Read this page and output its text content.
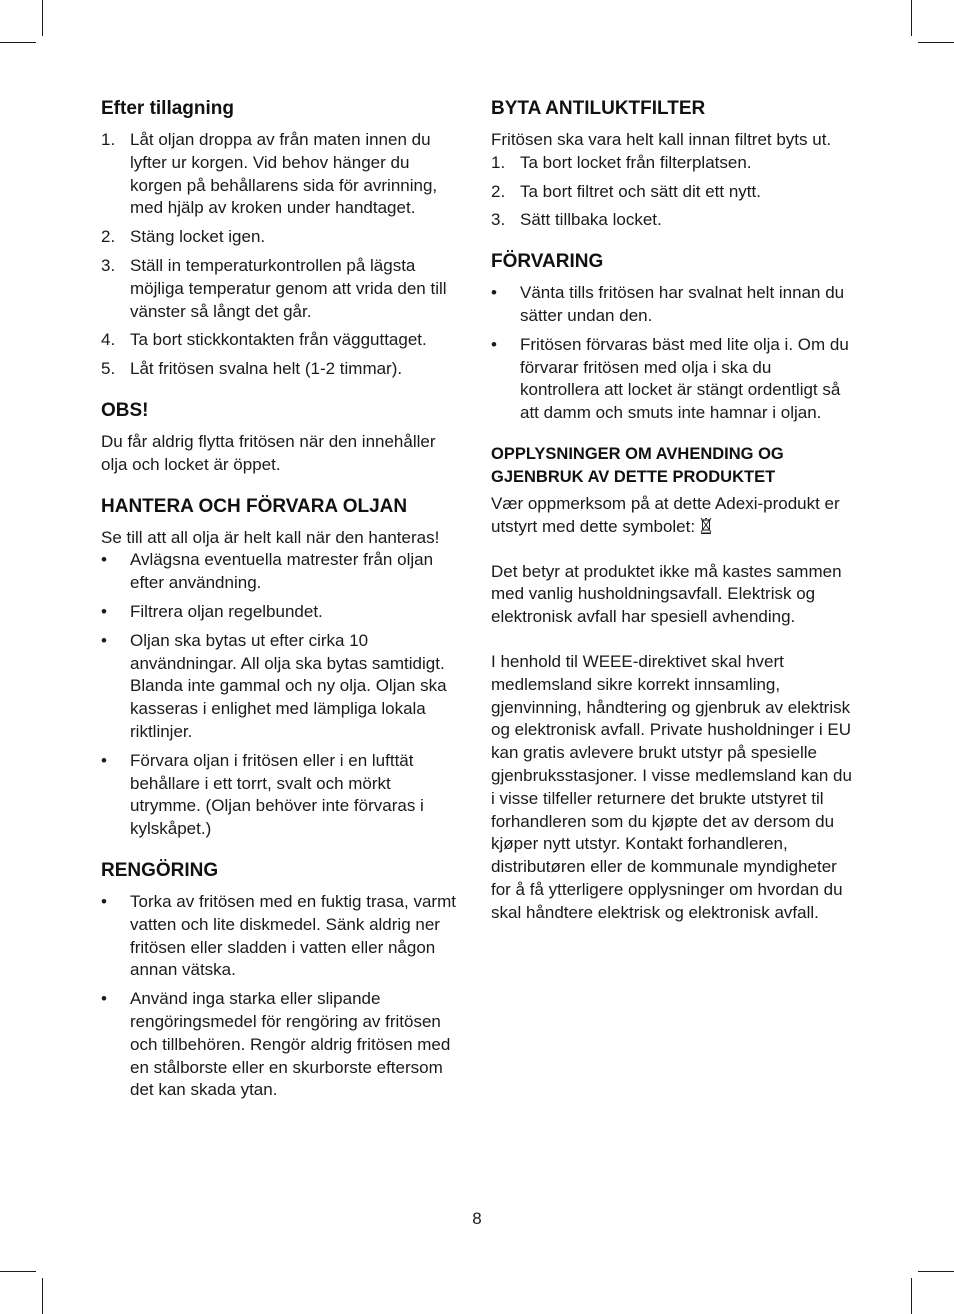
Efter tillagning
1. Låt oljan droppa av från maten innen du lyfter ur korgen. Vid behov hänger du korgen på behållarens sida för avrinning, med hjälp av kroken under handtaget.
2. Stäng locket igen.
3. Ställ in temperaturkontrollen på lägsta möjliga temperatur genom att vrida den till vänster så långt det går.
4. Ta bort stickkontakten från vägguttaget.
5. Låt fritösen svalna helt (1-2 timmar).
OBS!

Du får aldrig flytta fritösen när den innehåller olja och locket är öppet.

HANTERA OCH FÖRVARA OLJAN

Se till att all olja är helt kall när den hanteras!

• Avlägsna eventuella matrester från oljan efter användning.
• Filtrera oljan regelbundet.
• Oljan ska bytas ut efter cirka 10 användningar. All olja ska bytas samtidigt. Blanda inte gammal och ny olja. Oljan ska kasseras i enlighet med lämpliga lokala riktlinjer.
• Förvara oljan i fritösen eller i en lufttät behållare i ett torrt, svalt och mörkt utrymme. (Oljan behöver inte förvaras i kylskåpet.)
RENGÖRING
• Torka av fritösen med en fuktig trasa, varmt vatten och lite diskmedel. Sänk aldrig ner fritösen eller sladden i vatten eller någon annan vätska.
• Använd inga starka eller slipande rengöringsmedel för rengöring av fritösen och tillbehören. Rengör aldrig fritösen med en stålborste eller en skurborste eftersom det kan skada ytan.
BYTA ANTILUKTFILTER

Fritösen ska vara helt kall innan filtret byts ut.

1. Ta bort locket från filterplatsen.
2. Ta bort filtret och sätt dit ett nytt.
3. Sätt tillbaka locket.
FÖRVARING
• Vänta tills fritösen har svalnat helt innan du sätter undan den.
• Fritösen förvaras bäst med lite olja i. Om du förvarar fritösen med olja i ska du kontrollera att locket är stängt ordentligt så att damm och smuts inte hamnar i oljan.
OPPLYSNINGER OM AVHENDING OG GJENBRUK AV DETTE PRODUKTET

Vær oppmerksom på at dette Adexi-produkt er utstyrt med dette symbolet:

Det betyr at produktet ikke må kastes sammen med vanlig husholdningsavfall. Elektrisk og elektronisk avfall har spesiell avhending.

I henhold til WEEE-direktivet skal hvert medlemsland sikre korrekt innsamling, gjenvinning, håndtering og gjenbruk av elektrisk og elektronisk avfall. Private husholdninger i EU kan gratis avlevere brukt utstyr på spesielle gjenbruksstasjoner. I visse medlemsland kan du i visse tilfeller returnere det brukte utstyret til forhandleren som du kjøpte det av dersom du kjøper nytt utstyr. Kontakt forhandleren, distributøren eller de kommunale myndigheter for å få ytterligere opplysninger om hvordan du skal håndtere elektrisk og elektronisk avfall.

8
